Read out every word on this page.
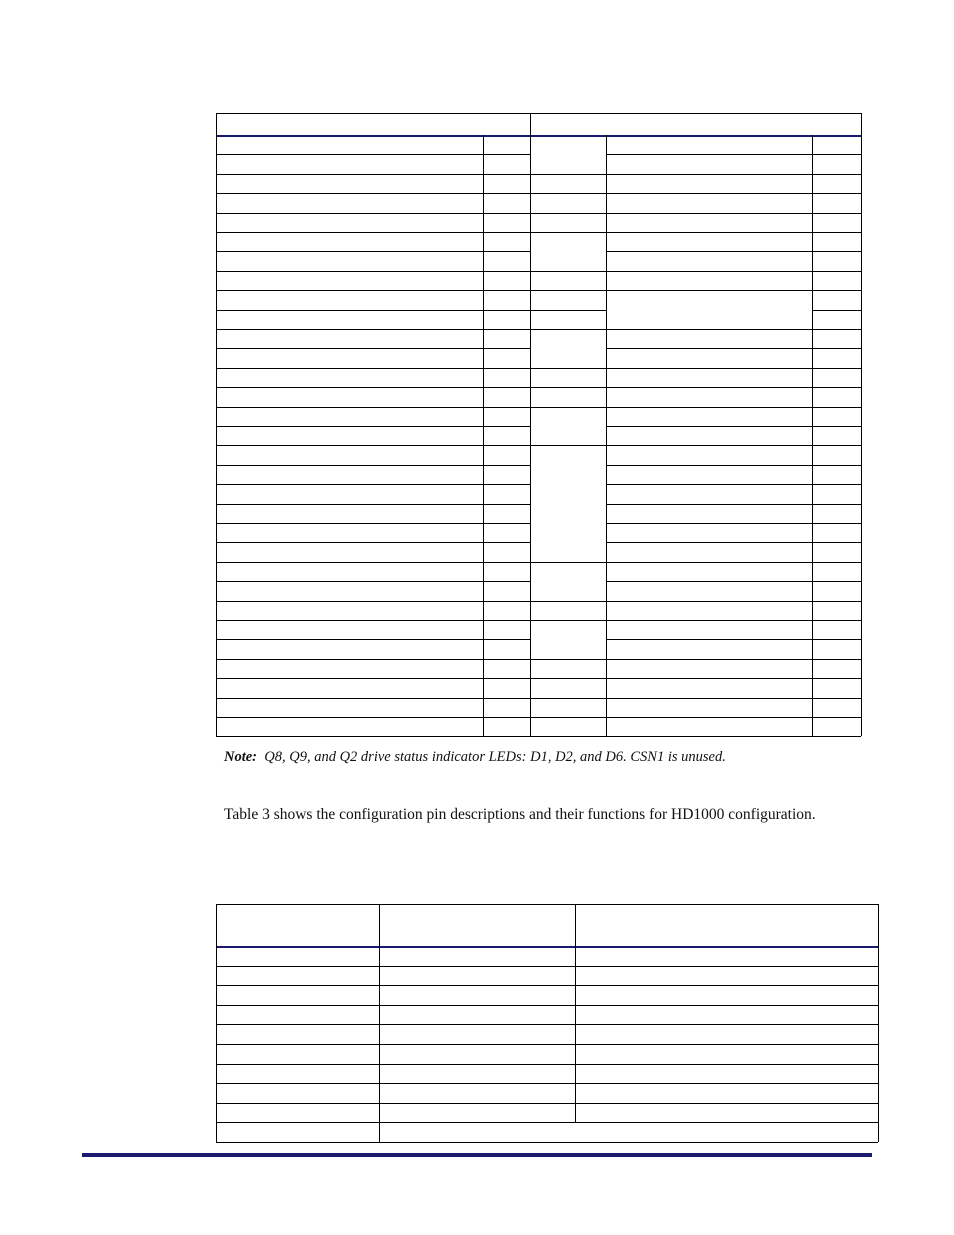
Note: Q8, Q9, and Q2 drive status indicator LEDs: D1, D2, and D6. CSN1 is unused.
Table 3 shows the configuration pin descriptions and their functions for HD1000 configuration.
